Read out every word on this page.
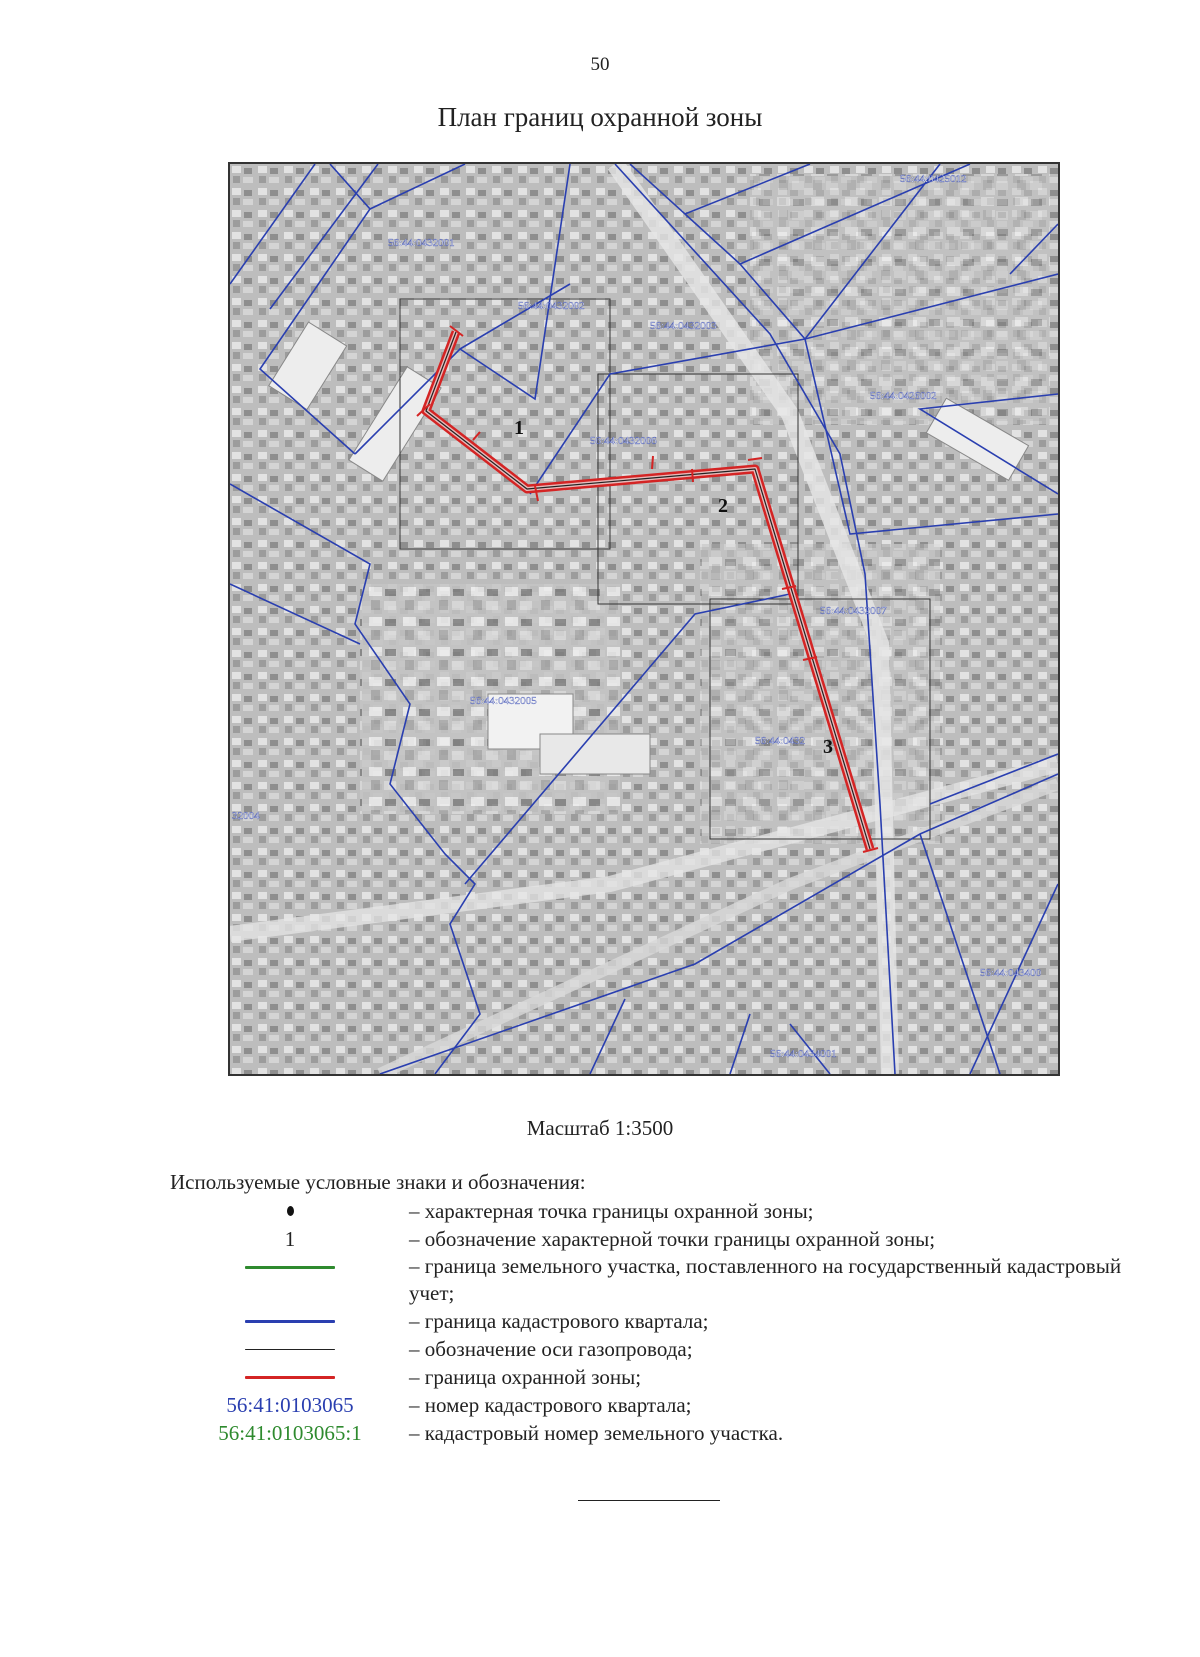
50
План границ охранной зоны
56:44:0432001
56:44:0432002
56:44:0432003
56:44:0425012
56:44:0426002
56:44:0432006
56:44:0432007
56:44:0432005
56:44:0432
32004
56:44:043400
56:44:0434001
1
2
3
Масштаб 1:3500
Используемые условные знаки и обозначения:
– характерная точка границы охранной зоны;
1	– обозначение характерной точки границы охранной зоны;
– граница земельного участка, поставленного на государственный кадастровый учет;
– граница кадастрового квартала;
– обозначение оси газопровода;
– граница охранной зоны;
56:41:0103065	– номер кадастрового квартала;
56:41:0103065:1	– кадастровый номер земельного участка.
